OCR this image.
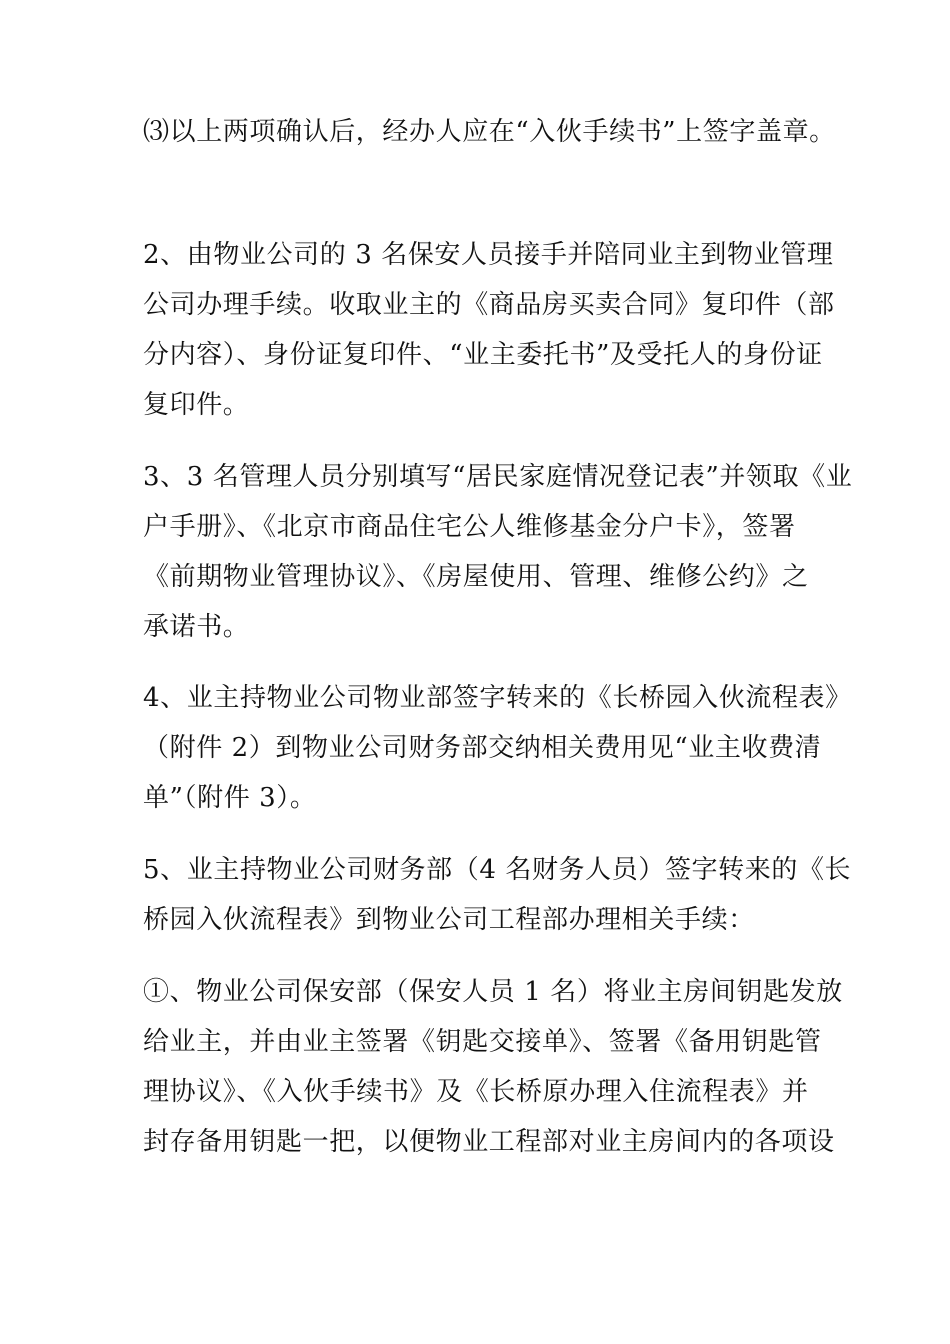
⑶以上两项确认后，经办人应在“入伙手续书”上签字盖章。
2、由物业公司的 3 名保安人员接手并陪同业主到物业管理
公司办理手续。收取业主的《商品房买卖合同》复印件（部
分内容）、身份证复印件、“业主委托书”及受托人的身份证
复印件。
3、3 名管理人员分别填写“居民家庭情况登记表”并领取《业
户手册》、《北京市商品住宅公人维修基金分户卡》，签署
《前期物业管理协议》、《房屋使用、管理、维修公约》之
承诺书。
4、业主持物业公司物业部签字转来的《长桥园入伙流程表》
（附件 2）到物业公司财务部交纳相关费用见“业主收费清
单”（附件 3）。
5、业主持物业公司财务部（4 名财务人员）签字转来的《长
桥园入伙流程表》到物业公司工程部办理相关手续：
①、物业公司保安部（保安人员 1 名）将业主房间钥匙发放
给业主，并由业主签署《钥匙交接单》、签署《备用钥匙管
理协议》、《入伙手续书》及《长桥原办理入住流程表》并
封存备用钥匙一把，以便物业工程部对业主房间内的各项设
